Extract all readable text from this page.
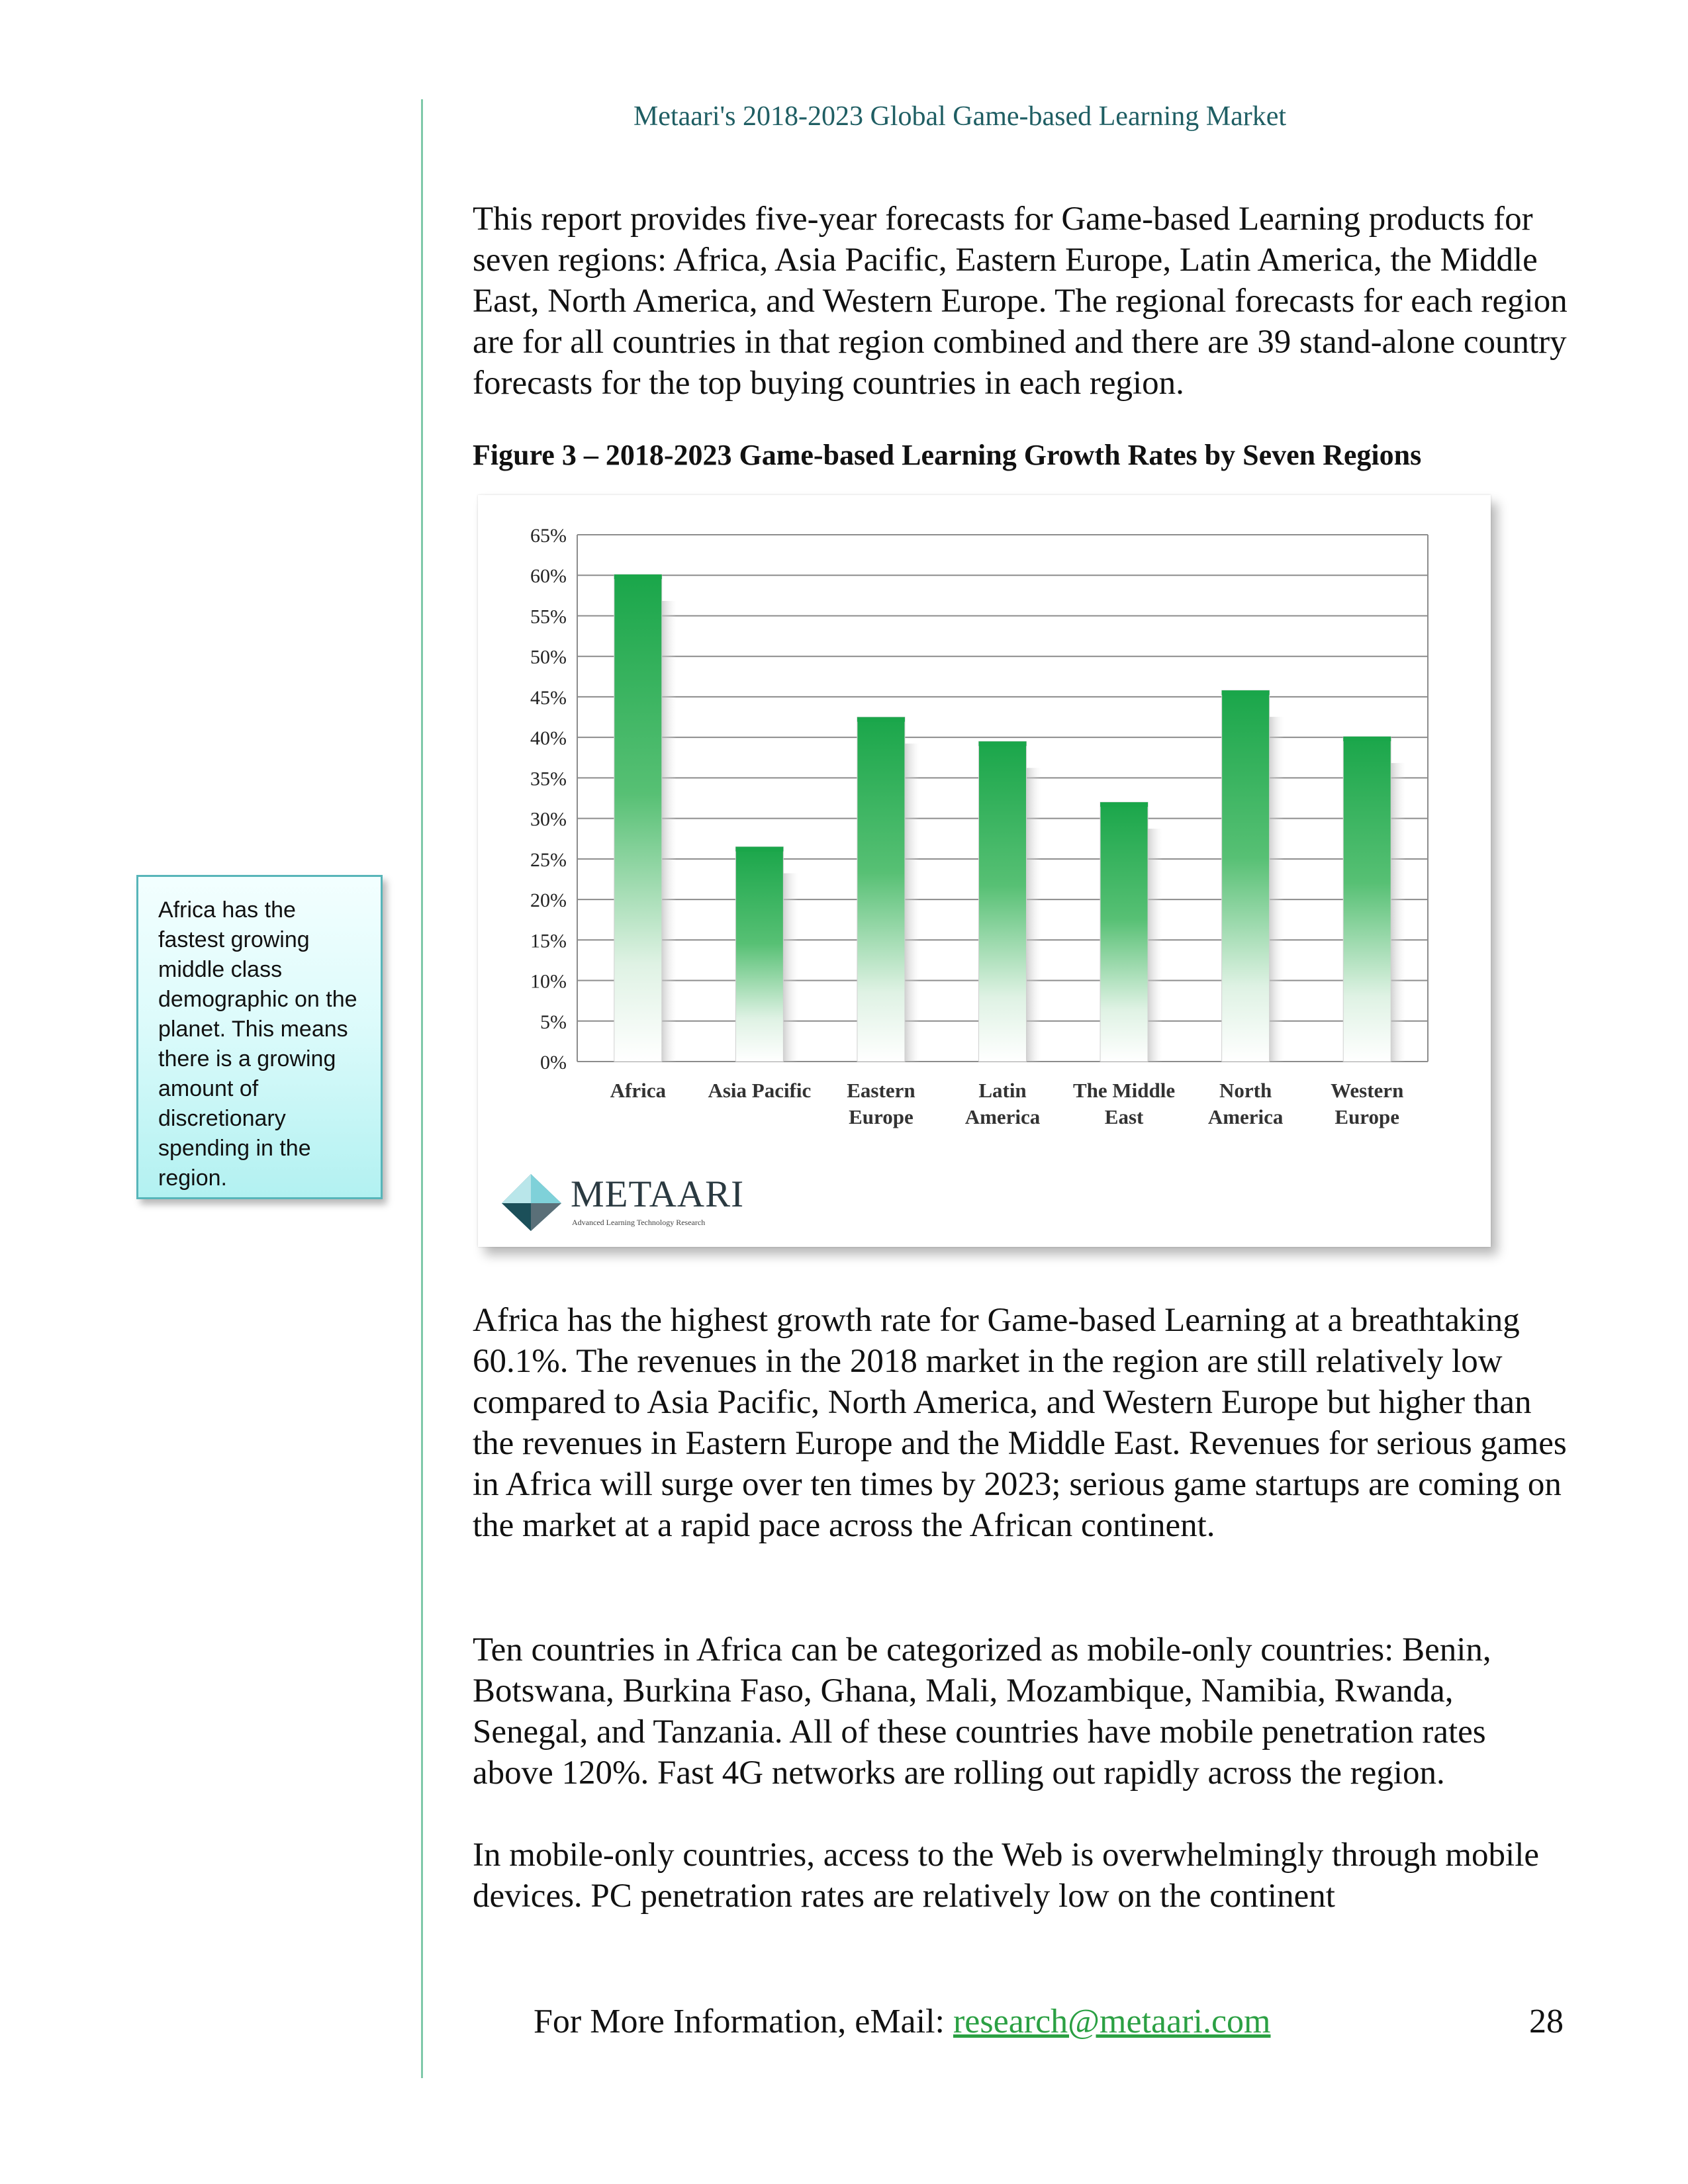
Metaari's 2018-2023 Global Game-based Learning Market

This report provides five-year forecasts for Game-based Learning products for seven regions: Africa, Asia Pacific, Eastern Europe, Latin America, the Middle East, North America, and Western Europe. The regional forecasts for each region are for all countries in that region combined and there are 39 stand-alone country forecasts for the top buying countries in each region.

Figure 3 – 2018-2023 Game-based Learning Growth Rates by Seven Regions
Africa has the fastest growing middle class demographic on the planet. This means there is a growing amount of discretionary spending in the region.
0%
5%
10%
15%
20%
25%
30%
35%
40%
45%
50%
55%
60%
65%
Africa Asia Pacific Eastern
Europe
Latin
America
The Middle
East
North
America
Western
Europe
METAARI
Advanced Learning Technology Research

Africa has the highest growth rate for Game-based Learning at a breathtaking 60.1%. The revenues in the 2018 market in the region are still relatively low compared to Asia Pacific, North America, and Western Europe but higher than the revenues in Eastern Europe and the Middle East. Revenues for serious games in Africa will surge over ten times by 2023; serious game startups are coming on the market at a rapid pace across the African continent.

Ten countries in Africa can be categorized as mobile-only countries: Benin, Botswana, Burkina Faso, Ghana, Mali, Mozambique, Namibia, Rwanda, Senegal, and Tanzania. All of these countries have mobile penetration rates above 120%. Fast 4G networks are rolling out rapidly across the region.

In mobile-only countries, access to the Web is overwhelmingly through mobile devices. PC penetration rates are relatively low on the continent

For More Information, eMail: research@metaari.com	28
